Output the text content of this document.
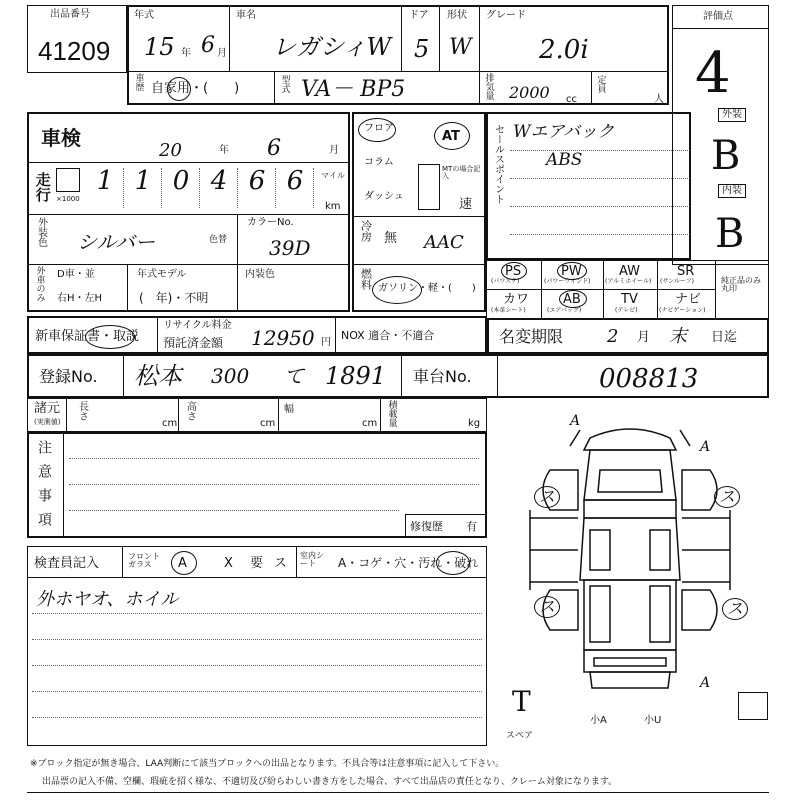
出品番号
41209
年式
15 年 6 月
車名
レガシィW
ドア
5
形状
W
グレード
2.0i
車歴 自家用・(　　)	型式 VA－ BP5	排気量 2000 cc
定員
人
評価点
4
外装
B
内装
B
車検
20	年 6	月
走行 ×1000
1 1 0 4 6 6	マイル
km
外装色 シルバー	色替
カラーNo.
39D
外車のみ D車・並
右H・左H
年式モデル
(　年)・不明
内装色
フロア
AT
コラム
ダッシュ
MTの場合記入
速
冷房 無 AAC
燃料 ガソリン・軽・(　　)
セールスポイント Wエアバック
ABS
PS
(パワステ)
PW
(パワーウインド)
AW
(アルミホイール)
SR
(サンルーフ)
カワ
(本革シート)
AB
(エアバッグ)
TV
(テレビ)
ナビ
(ナビゲーション)
純正品のみ丸印
新車保証書・取説
リサイクル料金
預託済金額 12950 円
NOX 適合・不適合	名変期限 2 月 末 日迄
登録No. 松本 300 て 1891 車台No.	008813
諸元
(実測値)
長さ
cm
高さ
cm
幅
cm 積載量	kg
注意事項	修復歴 有
検査員記入	フロントガラス	A	X 要 ス
室内シート	A・コゲ・穴・汚れ・破れ
外ホヤオ、ホイル
A
A
A
ス	ス
ス	ス
T
スペア
小A	小U
※ブロック指定が無き場合、LAA判断にて該当ブロックへの出品となります。不具合等は注意事項に記入して下さい。
出品票の記入不備、空欄、瑕疵を招く様な、不適切及び紛らわしい書き方をした場合、すべて出品店の責任となり、クレーム対象になります。
